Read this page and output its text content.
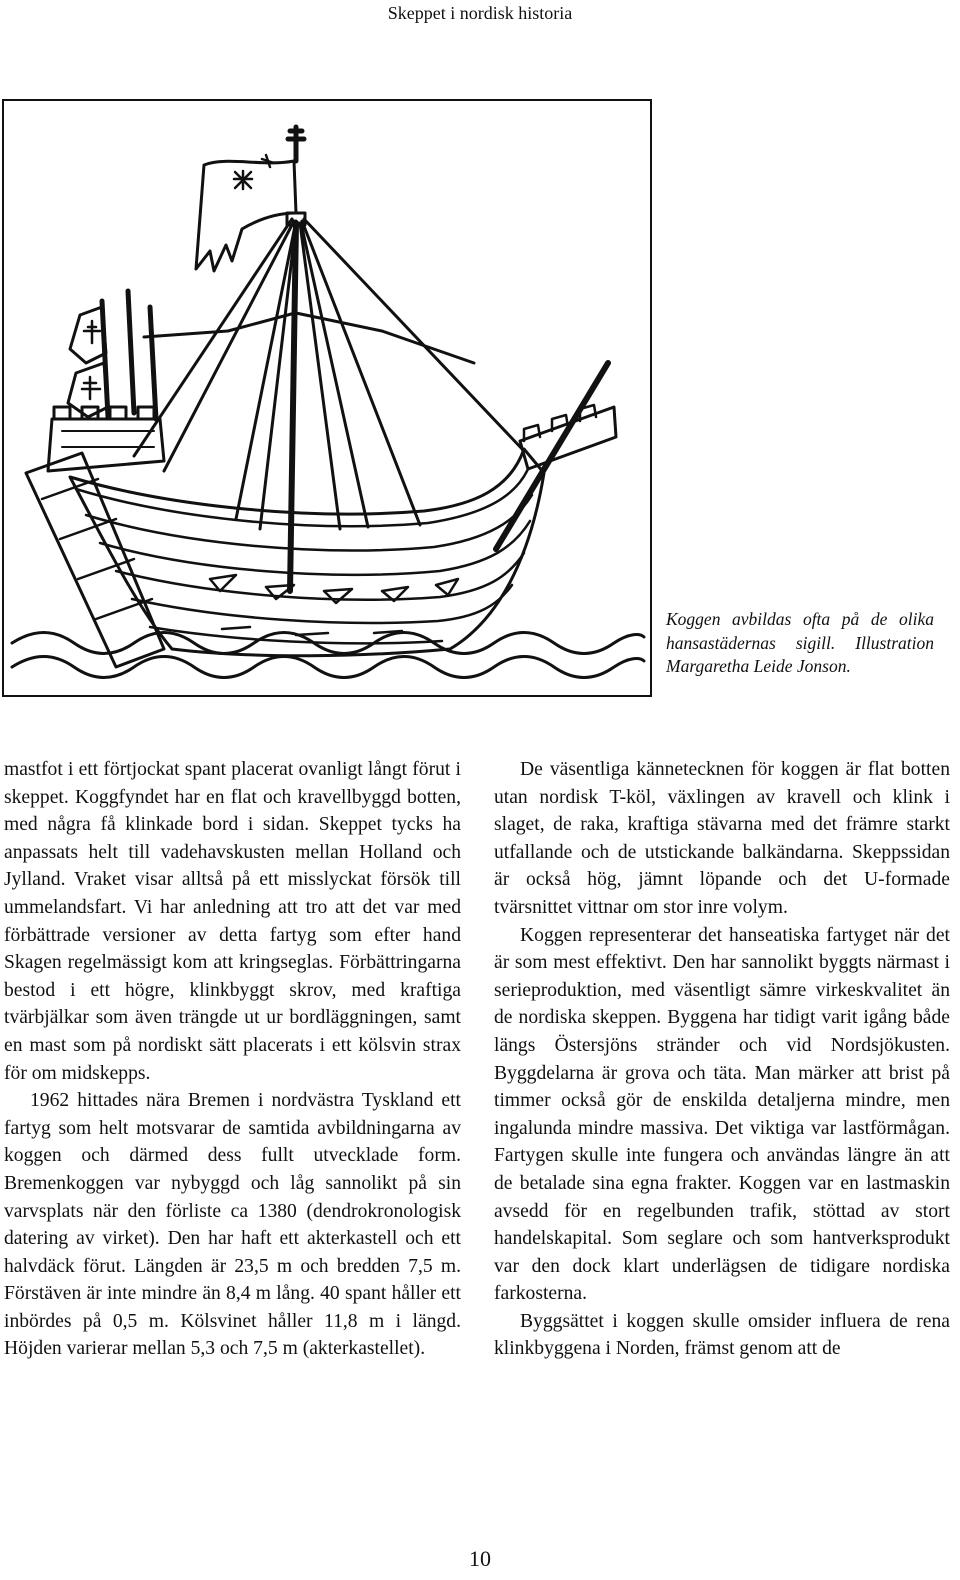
Skeppet i nordisk historia
Koggen avbildas ofta på de olika hansastädernas sigill. Illustration Margaretha Leide Jonson.

mastfot i ett förtjockat spant placerat ovanligt långt förut i skeppet. Koggfyndet har en flat och kravellbyggd botten, med några få klinkade bord i sidan. Skeppet tycks ha anpassats helt till vadehavskusten mellan Holland och Jylland. Vraket visar alltså på ett misslyckat försök till ummelandsfart. Vi har anledning att tro att det var med förbättrade versioner av detta fartyg som efter hand Skagen regelmässigt kom att kringseglas. Förbättringarna bestod i ett högre, klinkbyggt skrov, med kraftiga tvärbjälkar som även trängde ut ur bordläggningen, samt en mast som på nordiskt sätt placerats i ett kölsvin strax för om midskepps.

1962 hittades nära Bremen i nordvästra Tyskland ett fartyg som helt motsvarar de samtida avbildningarna av koggen och därmed dess fullt utvecklade form. Bremenkoggen var nybyggd och låg sannolikt på sin varvsplats när den förliste ca 1380 (dendrokronologisk datering av virket). Den har haft ett akterkastell och ett halvdäck förut. Längden är 23,5 m och bredden 7,5 m. Förstäven är inte mindre än 8,4 m lång. 40 spant håller ett inbördes på 0,5 m. Kölsvinet håller 11,8 m i längd. Höjden varierar mellan 5,3 och 7,5 m (akterkastellet).

De väsentliga kännetecknen för koggen är flat botten utan nordisk T-köl, växlingen av kravell och klink i slaget, de raka, kraftiga stävarna med det främre starkt utfallande och de utstickande balkändarna. Skeppssidan är också hög, jämnt löpande och det U-formade tvärsnittet vittnar om stor inre volym.

Koggen representerar det hanseatiska fartyget när det är som mest effektivt. Den har sannolikt byggts närmast i serieproduktion, med väsentligt sämre virkeskvalitet än de nordiska skeppen. Byggena har tidigt varit igång både längs Östersjöns stränder och vid Nordsjökusten. Byggdelarna är grova och täta. Man märker att brist på timmer också gör de enskilda detaljerna mindre, men ingalunda mindre massiva. Det viktiga var lastförmågan. Fartygen skulle inte fungera och användas längre än att de betalade sina egna frakter. Koggen var en lastmaskin avsedd för en regelbunden trafik, stöttad av stort handelskapital. Som seglare och som hantverksprodukt var den dock klart underlägsen de tidigare nordiska farkosterna.

Byggsättet i koggen skulle omsider influera de rena klinkbyggena i Norden, främst genom att de

10
